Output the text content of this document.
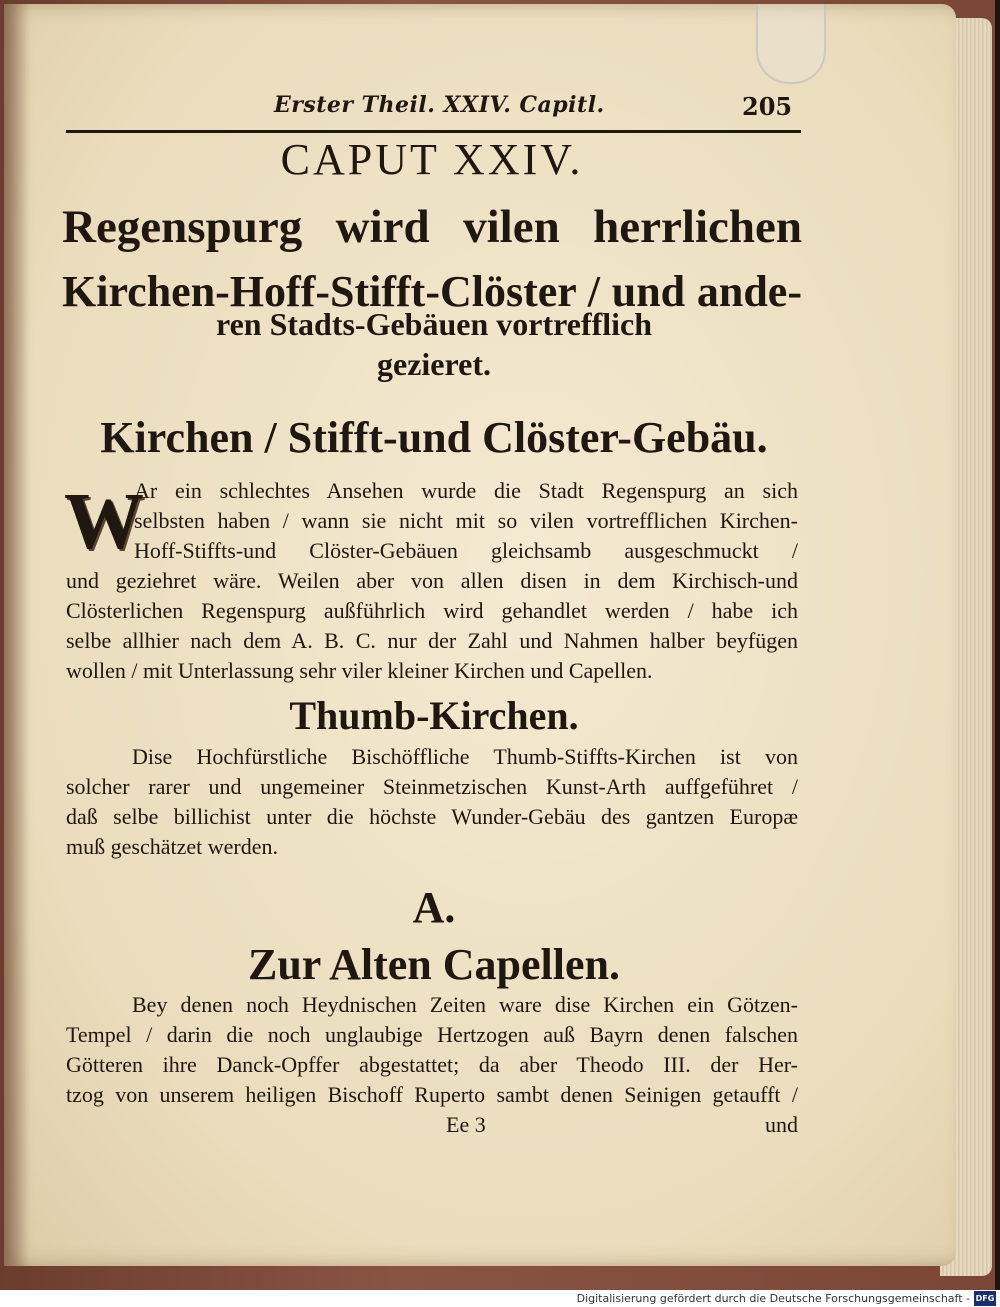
Erster Theil. XXIV. Capitl.	205
CAPUT XXIV.
Regenspurg wird vilen herrlichen
Kirchen-Hoff-Stifft-Clöster / und ande-
ren Stadts-Gebäuen vortrefflich
gezieret.
Kirchen / Stifft-und Clöster-Gebäu.
W
Ar ein schlechtes Ansehen wurde die Stadt Regenspurg an sich
selbsten haben / wann sie nicht mit so vilen vortrefflichen Kirchen-
Hoff-Stiffts-und Clöster-Gebäuen gleichsamb ausgeschmuckt /
und geziehret wäre. Weilen aber von allen disen in dem Kirchisch-und
Clösterlichen Regenspurg außführlich wird gehandlet werden / habe ich
selbe allhier nach dem A. B. C. nur der Zahl und Nahmen halber beyfügen
wollen / mit Unterlassung sehr viler kleiner Kirchen und Capellen.
Thumb-Kirchen.
Dise Hochfürstliche Bischöffliche Thumb-Stiffts-Kirchen ist von
solcher rarer und ungemeiner Steinmetzischen Kunst-Arth auffgeführet /
daß selbe billichist unter die höchste Wunder-Gebäu des gantzen Europæ
muß geschätzet werden.
A.
Zur Alten Capellen.
Bey denen noch Heydnischen Zeiten ware dise Kirchen ein Götzen-
Tempel / darin die noch unglaubige Hertzogen auß Bayrn denen falschen
Götteren ihre Danck-Opffer abgestattet; da aber Theodo III. der Her-
tzog von unserem heiligen Bischoff Ruperto sambt denen Seinigen getaufft /
Ee 3	und
Digitalisierung gefördert durch die Deutsche Forschungsgemeinschaft - DFG
